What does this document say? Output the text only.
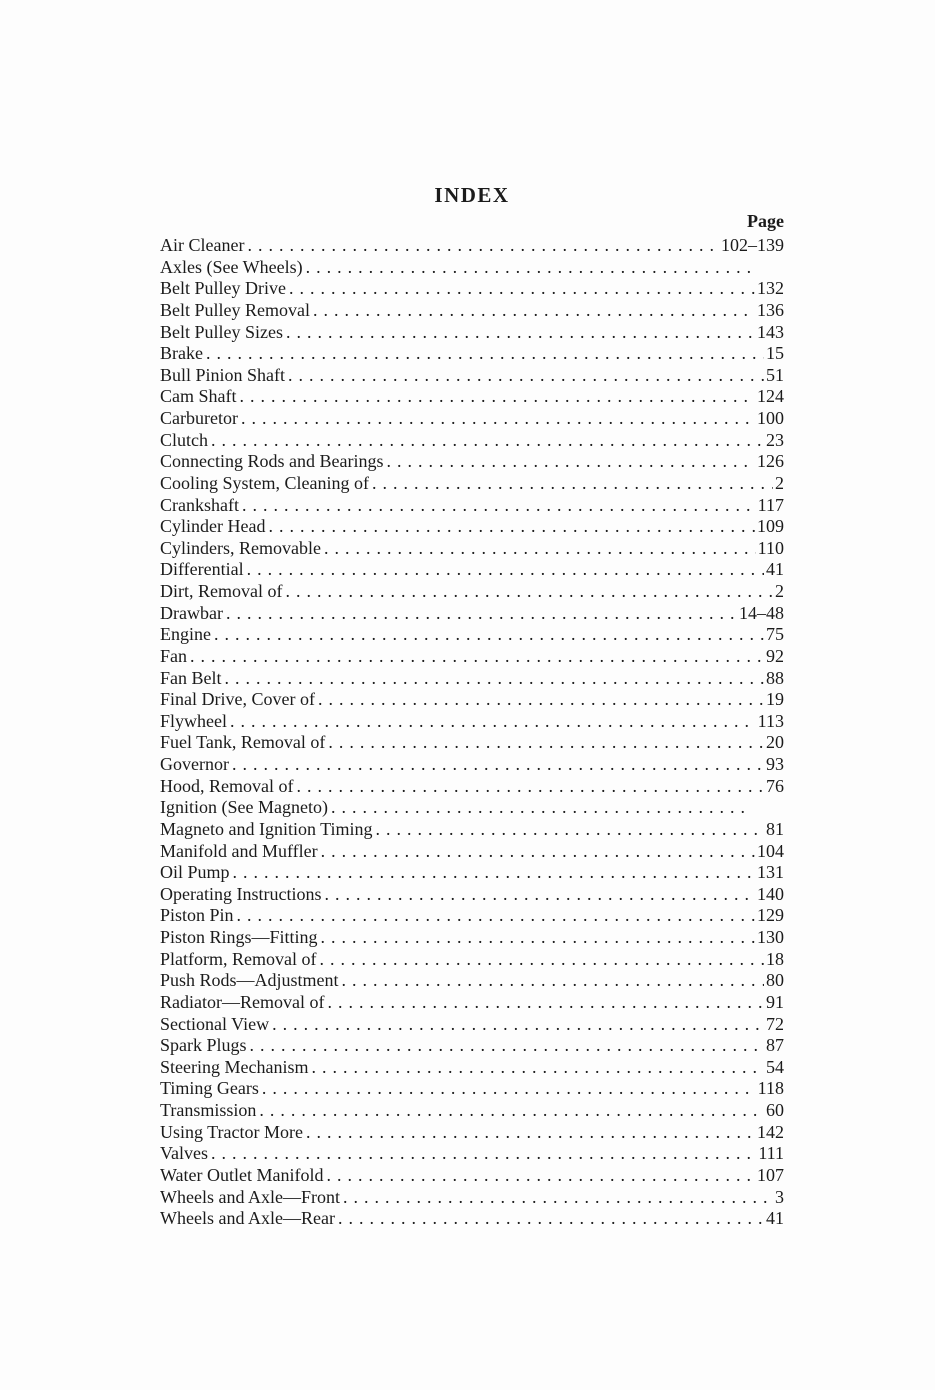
INDEX
Page
Air Cleaner .....	102–139
Axles (See Wheels)
.....
Belt Pulley Drive .....	132
Belt Pulley Removal .....	136
Belt Pulley Sizes .....	143
Brake .....	15
Bull Pinion Shaft .....	51
Cam Shaft .....	124
Carburetor .....	100
Clutch .....	23
Connecting Rods and Bearings .....	126
Cooling System, Cleaning of .....	2
Crankshaft .....	117
Cylinder Head .....	109
Cylinders, Removable .....	110
Differential .....	41
Dirt, Removal of .....	2
Drawbar .....	14–48
Engine .....	75
Fan .....	92
Fan Belt .....	88
Final Drive, Cover of .....	19
Flywheel .....	113
Fuel Tank, Removal of .....	20
Governor .....	93
Hood, Removal of .....	76
Ignition (See Magneto)
.....
Magneto and Ignition Timing .....	81
Manifold and Muffler .....	104
Oil Pump .....	131
Operating Instructions .....	140
Piston Pin .....	129
Piston Rings—Fitting .....	130
Platform, Removal of .....	18
Push Rods—Adjustment .....	80
Radiator—Removal of .....	91
Sectional View .....	72
Spark Plugs .....	87
Steering Mechanism .....	54
Timing Gears .....	118
Transmission .....	60
Using Tractor More .....	142
Valves .....	111
Water Outlet Manifold .....	107
Wheels and Axle—Front .....	3
Wheels and Axle—Rear .....	41
